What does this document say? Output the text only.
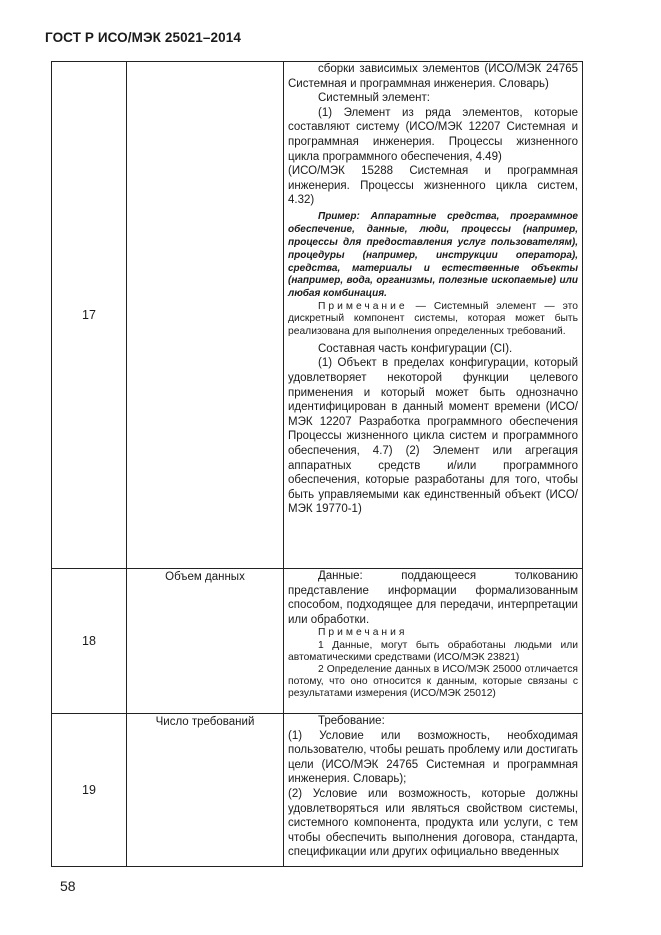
ГОСТ Р ИСО/МЭК 25021–2014
17

сборки зависимых элементов (ИСО/МЭК 24765 Системная и программная инженерия. Словарь)

Системный элемент:

(1) Элемент из ряда элементов, которые составляют систему (ИСО/МЭК 12207 Системная и программная инженерия. Процессы жизненного цикла программного обеспечения, 4.49)

(ИСО/МЭК 15288 Системная и программная инженерия. Процессы жизненного цикла систем, 4.32)

Пример: Аппаратные средства, программное обеспечение, данные, люди, процессы (например, процессы для предоставления услуг пользователям), процедуры (например, инструкции оператора), средства, материалы и естественные объекты (например, вода, организмы, полезные ископаемые) или любая комбинация.

Примечание — Системный элемент — это дискретный компонент системы, которая может быть реализована для выполнения определенных требований.

Составная часть конфигурации (CI).

(1) Объект в пределах конфигурации, который удовлетворяет некоторой функции целевого применения и который может быть однозначно идентифицирован в данный момент времени (ИСО/МЭК 12207 Разработка программного обеспечения Процессы жизненного цикла систем и программного обеспечения, 4.7) (2) Элемент или агрегация аппаратных средств и/или программного обеспечения, которые разработаны для того, чтобы быть управляемыми как единственный объект (ИСО/МЭК 19770-1)

18
Объем данных	Данные: поддающееся толкованию представление информации формализованным способом, подходящее для передачи, интерпретации или обработки.

Примечания

1 Данные, могут быть обработаны людьми или автоматическими средствами (ИСО/МЭК 23821)

2 Определение данных в ИСО/МЭК 25000 отличается потому, что оно относится к данным, которые связаны с результатами измерения (ИСО/МЭК 25012)

19
Число требований	Требование:

(1) Условие или возможность, необходимая пользователю, чтобы решать проблему или достигать цели (ИСО/МЭК 24765 Системная и программная инженерия. Словарь);

(2) Условие или возможность, которые должны удовлетворяться или являться свойством системы, системного компонента, продукта или услуги, с тем чтобы обеспечить выполнения договора, стандарта, спецификации или других официально введенных

58
